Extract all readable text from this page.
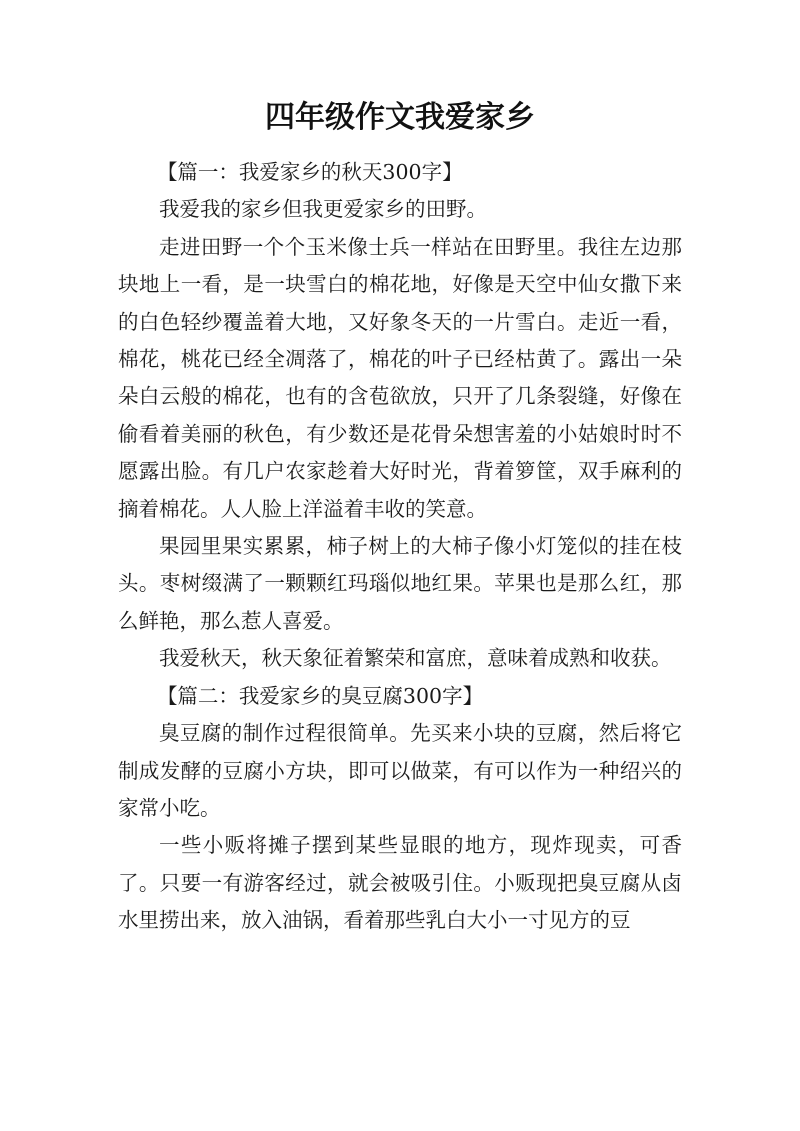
四年级作文我爱家乡

【篇一：我爱家乡的秋天300字】

我爱我的家乡但我更爱家乡的田野。

走进田野一个个玉米像士兵一样站在田野里。我往左边那块地上一看，是一块雪白的棉花地，好像是天空中仙女撒下来的白色轻纱覆盖着大地，又好象冬天的一片雪白。走近一看，棉花，桃花已经全凋落了，棉花的叶子已经枯黄了。露出一朵朵白云般的棉花，也有的含苞欲放，只开了几条裂缝，好像在偷看着美丽的秋色，有少数还是花骨朵想害羞的小姑娘时时不愿露出脸。有几户农家趁着大好时光，背着箩筐，双手麻利的摘着棉花。人人脸上洋溢着丰收的笑意。

果园里果实累累，柿子树上的大柿子像小灯笼似的挂在枝头。枣树缀满了一颗颗红玛瑙似地红果。苹果也是那么红，那么鲜艳，那么惹人喜爱。

我爱秋天，秋天象征着繁荣和富庶，意味着成熟和收获。

【篇二：我爱家乡的臭豆腐300字】

臭豆腐的制作过程很简单。先买来小块的豆腐，然后将它制成发酵的豆腐小方块，即可以做菜，有可以作为一种绍兴的家常小吃。

一些小贩将摊子摆到某些显眼的地方，现炸现卖，可香了。只要一有游客经过，就会被吸引住。小贩现把臭豆腐从卤水里捞出来，放入油锅，看着那些乳白大小一寸见方的豆
